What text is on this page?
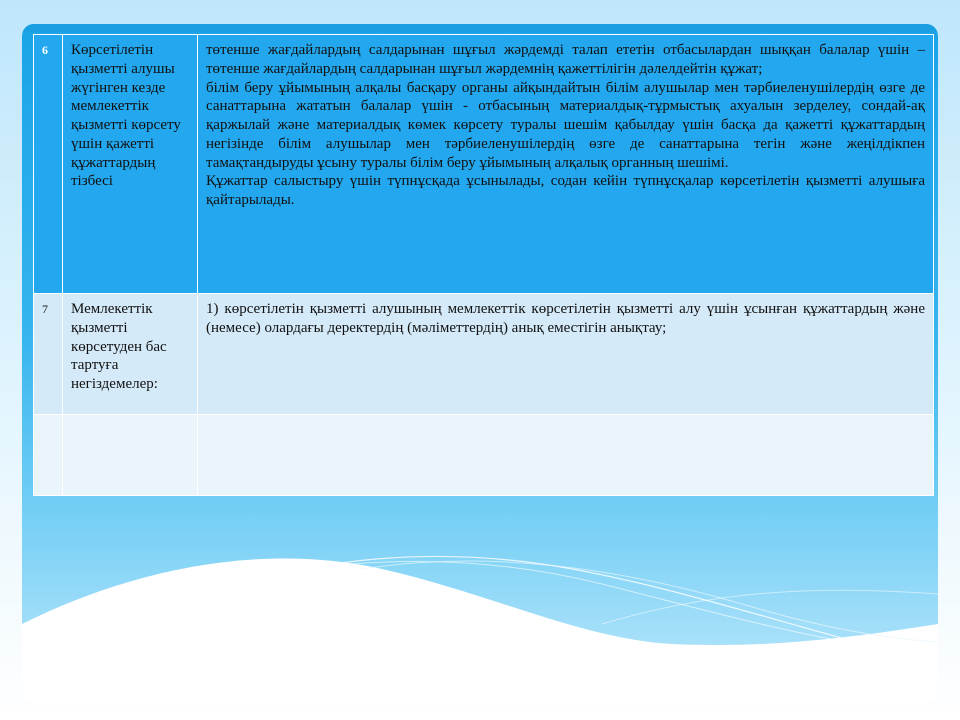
6	Көрсетілетін қызметті алушы жүгінген кезде мемлекеттік қызметті көрсету үшін қажетті құжаттардың тізбесі	төтенше жағдайлардың салдарынан шұғыл жәрдемді талап ететін отбасылардан шыққан балалар үшін – төтенше жағдайлардың салдарынан шұғыл жәрдемнің қажеттілігін дәлелдейтін құжат;
білім беру ұйымының алқалы басқару органы айқындайтын білім алушылар мен тәрбиеленушілердің өзге де санаттарына жататын балалар үшін - отбасының материалдық-тұрмыстық ахуалын зерделеу, сондай-ақ қаржылай және материалдық көмек көрсету туралы шешім қабылдау үшін басқа да қажетті құжаттардың негізінде білім алушылар мен тәрбиеленушілердің өзге де санаттарына тегін және жеңілдікпен тамақтандыруды ұсыну туралы білім беру ұйымының алқалық органның шешімі.
Құжаттар салыстыру үшін түпнұсқада ұсынылады, содан кейін түпнұсқалар көрсетілетін қызметті алушыға қайтарылады.

7	Мемлекеттік қызметті көрсетуден бас тартуға негіздемелер:	1) көрсетілетін қызметті алушының мемлекеттік көрсетілетін қызметті алу үшін ұсынған құжаттардың және (немесе) олардағы деректердің (мәліметтердің) анық еместігін анықтау;
